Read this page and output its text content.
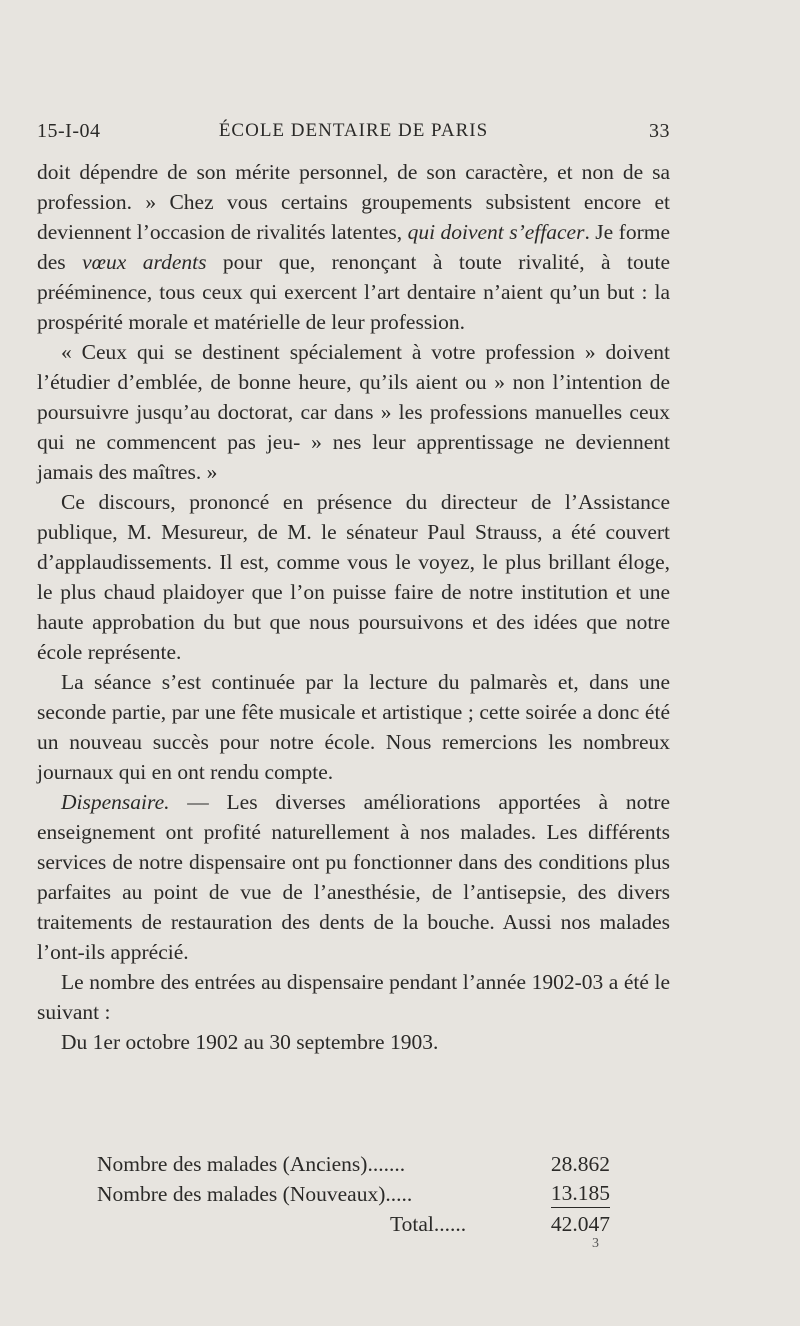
15-I-04	ÉCOLE DENTAIRE DE PARIS	33

doit dépendre de son mérite personnel, de son caractère, et non de sa profession. » Chez vous certains groupements subsistent encore et deviennent l’occasion de rivalités latentes, qui doivent s’effacer. Je forme des vœux ardents pour que, renonçant à toute rivalité, à toute prééminence, tous ceux qui exercent l’art dentaire n’aient qu’un but : la prospérité morale et matérielle de leur profession.

« Ceux qui se destinent spécialement à votre profession » doivent l’étudier d’emblée, de bonne heure, qu’ils aient ou » non l’intention de poursuivre jusqu’au doctorat, car dans » les professions manuelles ceux qui ne commencent pas jeu- » nes leur apprentissage ne deviennent jamais des maîtres. »

Ce discours, prononcé en présence du directeur de l’Assistance publique, M. Mesureur, de M. le sénateur Paul Strauss, a été couvert d’applaudissements. Il est, comme vous le voyez, le plus brillant éloge, le plus chaud plaidoyer que l’on puisse faire de notre institution et une haute approbation du but que nous poursuivons et des idées que notre école représente.

La séance s’est continuée par la lecture du palmarès et, dans une seconde partie, par une fête musicale et artistique ; cette soirée a donc été un nouveau succès pour notre école. Nous remercions les nombreux journaux qui en ont rendu compte.

Dispensaire. — Les diverses améliorations apportées à notre enseignement ont profité naturellement à nos malades. Les différents services de notre dispensaire ont pu fonctionner dans des conditions plus parfaites au point de vue de l’anesthésie, de l’antisepsie, des divers traitements de restauration des dents de la bouche. Aussi nos malades l’ont-ils apprécié.

Le nombre des entrées au dispensaire pendant l’année 1902-03 a été le suivant :

Du 1er octobre 1902 au 30 septembre 1903.

Nombre des malades (Anciens).......	28.862
Nombre des malades (Nouveaux).....	13.185
Total......	42.047
3
